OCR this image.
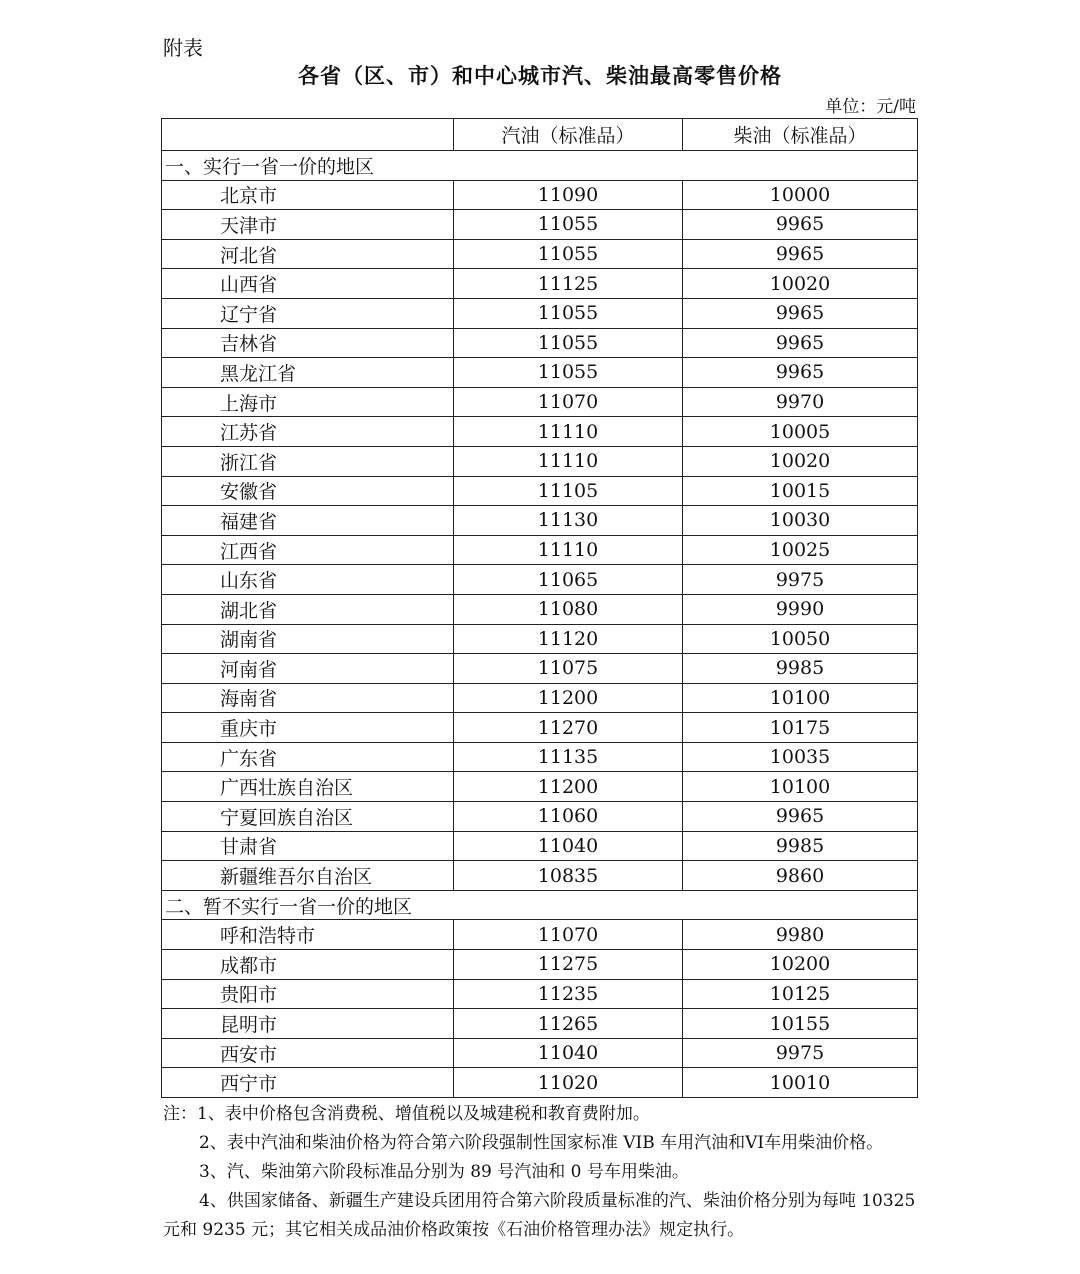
附表
各省（区、市）和中心城市汽、柴油最高零售价格
单位：元/吨
	汽油（标准品）	柴油（标准品）
一、实行一省一价的地区		
北京市	11090	10000
天津市	11055	9965
河北省	11055	9965
山西省	11125	10020
辽宁省	11055	9965
吉林省	11055	9965
黑龙江省	11055	9965
上海市	11070	9970
江苏省	11110	10005
浙江省	11110	10020
安徽省	11105	10015
福建省	11130	10030
江西省	11110	10025
山东省	11065	9975
湖北省	11080	9990
湖南省	11120	10050
河南省	11075	9985
海南省	11200	10100
重庆市	11270	10175
广东省	11135	10035
广西壮族自治区	11200	10100
宁夏回族自治区	11060	9965
甘肃省	11040	9985
新疆维吾尔自治区	10835	9860
二、暂不实行一省一价的地区		
呼和浩特市	11070	9980
成都市	11275	10200
贵阳市	11235	10125
昆明市	11265	10155
西安市	11040	9975
西宁市	11020	10010

注：1、表中价格包含消费税、增值税以及城建税和教育费附加。

2、表中汽油和柴油价格为符合第六阶段强制性国家标准 VIB 车用汽油和VI车用柴油价格。

3、汽、柴油第六阶段标准品分别为 89 号汽油和 0 号车用柴油。

4、供国家储备、新疆生产建设兵团用符合第六阶段质量标准的汽、柴油价格分别为每吨 10325 元和 9235 元；其它相关成品油价格政策按《石油价格管理办法》规定执行。
